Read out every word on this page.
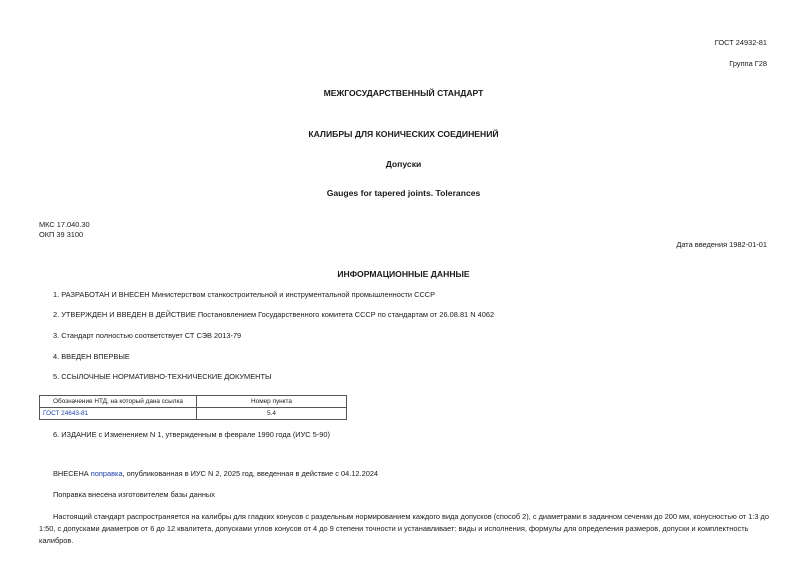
ГОСТ 24932-81
Группа Г28
МЕЖГОСУДАРСТВЕННЫЙ СТАНДАРТ
КАЛИБРЫ ДЛЯ КОНИЧЕСКИХ СОЕДИНЕНИЙ
Допуски
Gauges for tapered joints. Tolerances
МКС 17.040.30
ОКП 39 3100
Дата введения 1982-01-01
ИНФОРМАЦИОННЫЕ ДАННЫЕ
1. РАЗРАБОТАН И ВНЕСЕН Министерством станкостроительной и инструментальной промышленности СССР
2. УТВЕРЖДЕН И ВВЕДЕН В ДЕЙСТВИЕ Постановлением Государственного комитета СССР по стандартам от 26.08.81 N 4062
3. Стандарт полностью соответствует СТ СЭВ 2013-79
4. ВВЕДЕН ВПЕРВЫЕ
5. ССЫЛОЧНЫЕ НОРМАТИВНО-ТЕХНИЧЕСКИЕ ДОКУМЕНТЫ
Обозначение НТД, на который дана ссылка	Номер пункта
ГОСТ 24643-81	5.4
6. ИЗДАНИЕ с Изменением N 1, утвержденным в феврале 1990 года (ИУС 5-90)
ВНЕСЕНА поправка, опубликованная в ИУС N 2, 2025 год, введенная в действие с 04.12.2024
Поправка внесена изготовителем базы данных
Настоящий стандарт распространяется на калибры для гладких конусов с раздельным нормированием каждого вида допусков (способ 2), с диаметрами в заданном сечении до 200 мм, конусностью от 1:3 до 1:50, с допусками диаметров от 6 до 12 квалитета, допусками углов конусов от 4 до 9 степени точности и устанавливает: виды и исполнения, формулы для определения размеров, допуски и комплектность калибров.
